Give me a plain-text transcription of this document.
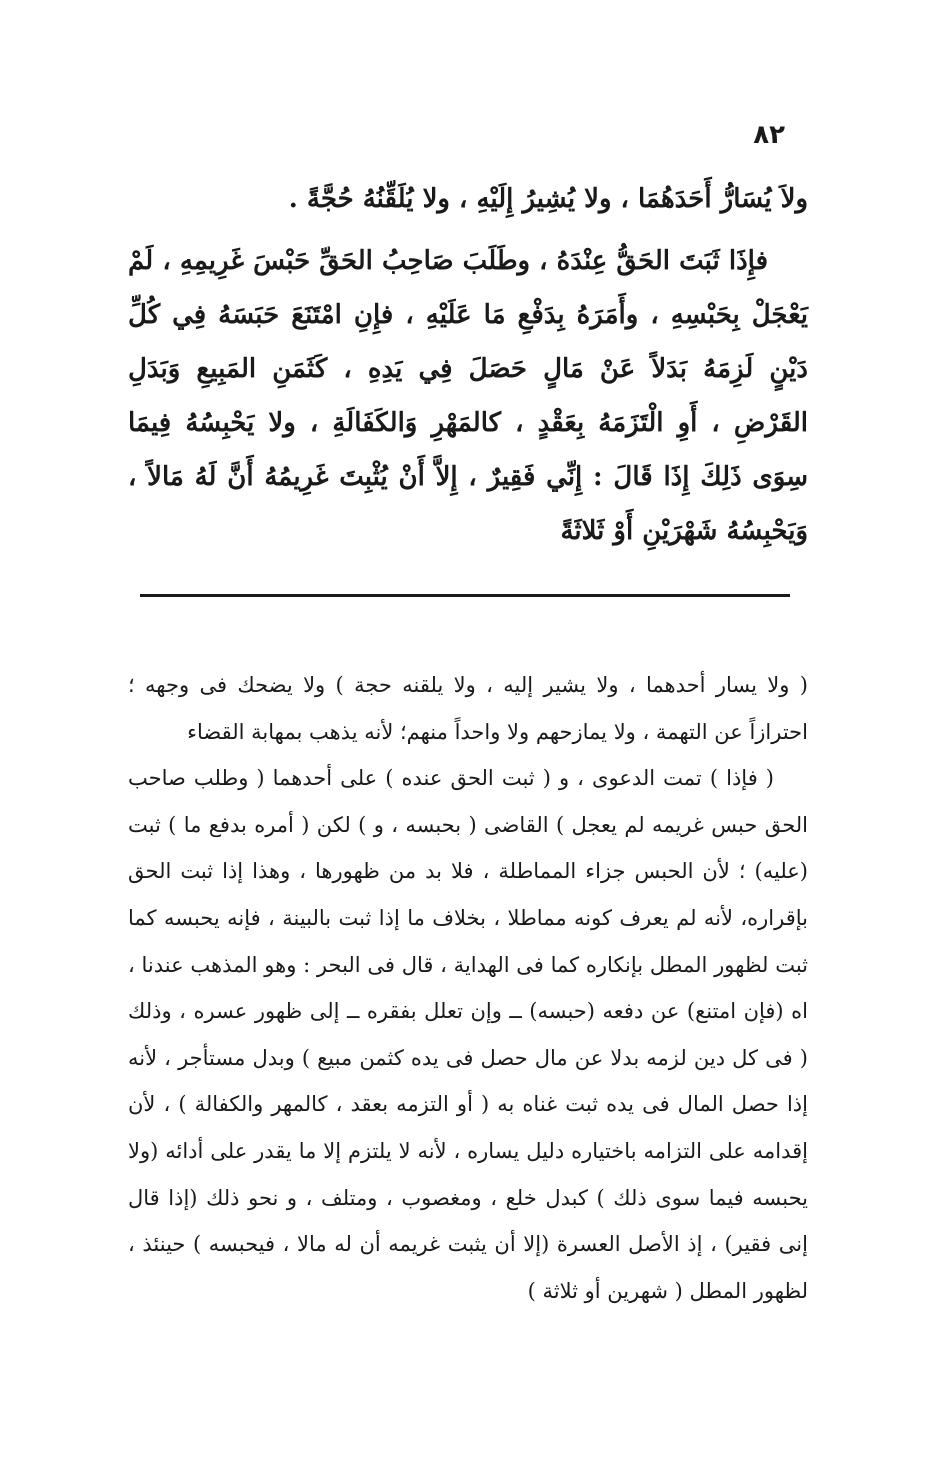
٨٢

ولاَ يُسَارُّ أَحَدَهُمَا ، ولا يُشِيرُ إِلَيْهِ ، ولا يُلَقِّنُهُ حُجَّةً .

فإِذَا ثَبَتَ الحَقُّ عِنْدَهُ ، وطَلَبَ صَاحِبُ الحَقِّ حَبْسَ غَرِيمِهِ ، لَمْ يَعْجَلْ بِحَبْسِهِ ، وأَمَرَهُ بِدَفْعِ مَا عَلَيْهِ ، فإِنِ امْتَنَعَ حَبَسَهُ فِي كُلِّ دَيْنٍ لَزِمَهُ بَدَلاً عَنْ مَالٍ حَصَلَ فِي يَدِهِ ، كَثَمَنِ المَبِيعِ وَبَدَلِ القَرْضِ ، أَوِ الْتَزَمَهُ بِعَقْدٍ ، كالمَهْرِ وَالكَفَالَةِ ، ولا يَحْبِسُهُ فِيمَا سِوَى ذَلِكَ إِذَا قَالَ : إِنِّي فَقِيرٌ ، إِلاَّ أَنْ يُثْبِتَ غَرِيمُهُ أَنَّ لَهُ مَالاً ، وَيَحْبِسُهُ شَهْرَيْنِ أَوْ ثَلاثَةً

( ولا يسار أحدهما ، ولا يشير إليه ، ولا يلقنه حجة ) ولا يضحك فى وجهه ؛ احترازاً عن التهمة ، ولا يمازحهم ولا واحداً منهم؛ لأنه يذهب بمهابة القضاء

( فإذا ) تمت الدعوى ، و ( ثبت الحق عنده ) على أحدهما ( وطلب صاحب الحق حبس غريمه لم يعجل ) القاضى ( بحبسه ، و ) لكن ( أمره بدفع ما ) ثبت (عليه) ؛ لأن الحبس جزاء المماطلة ، فلا بد من ظهورها ، وهذا إذا ثبت الحق بإقراره، لأنه لم يعرف كونه مماطلا ، بخلاف ما إذا ثبت بالبينة ، فإنه يحبسه كما ثبت لظهور المطل بإنكاره كما فى الهداية ، قال فى البحر : وهو المذهب عندنا ، اه (فإن امتنع) عن دفعه (حبسه) ــ وإن تعلل بفقره ــ إلى ظهور عسره ، وذلك ( فى كل دين لزمه بدلا عن مال حصل فى يده كثمن مبيع ) وبدل مستأجر ، لأنه إذا حصل المال فى يده ثبت غناه به ( أو التزمه بعقد ، كالمهر والكفالة ) ، لأن إقدامه على التزامه باختياره دليل يساره ، لأنه لا يلتزم إلا ما يقدر على أدائه (ولا يحبسه فيما سوى ذلك ) كبدل خلع ، ومغصوب ، ومتلف ، و نحو ذلك (إذا قال إنى فقير) ، إذ الأصل العسرة (إلا أن يثبت غريمه أن له مالا ، فيحبسه ) حينئذ ، لظهور المطل ( شهرين أو ثلاثة )
